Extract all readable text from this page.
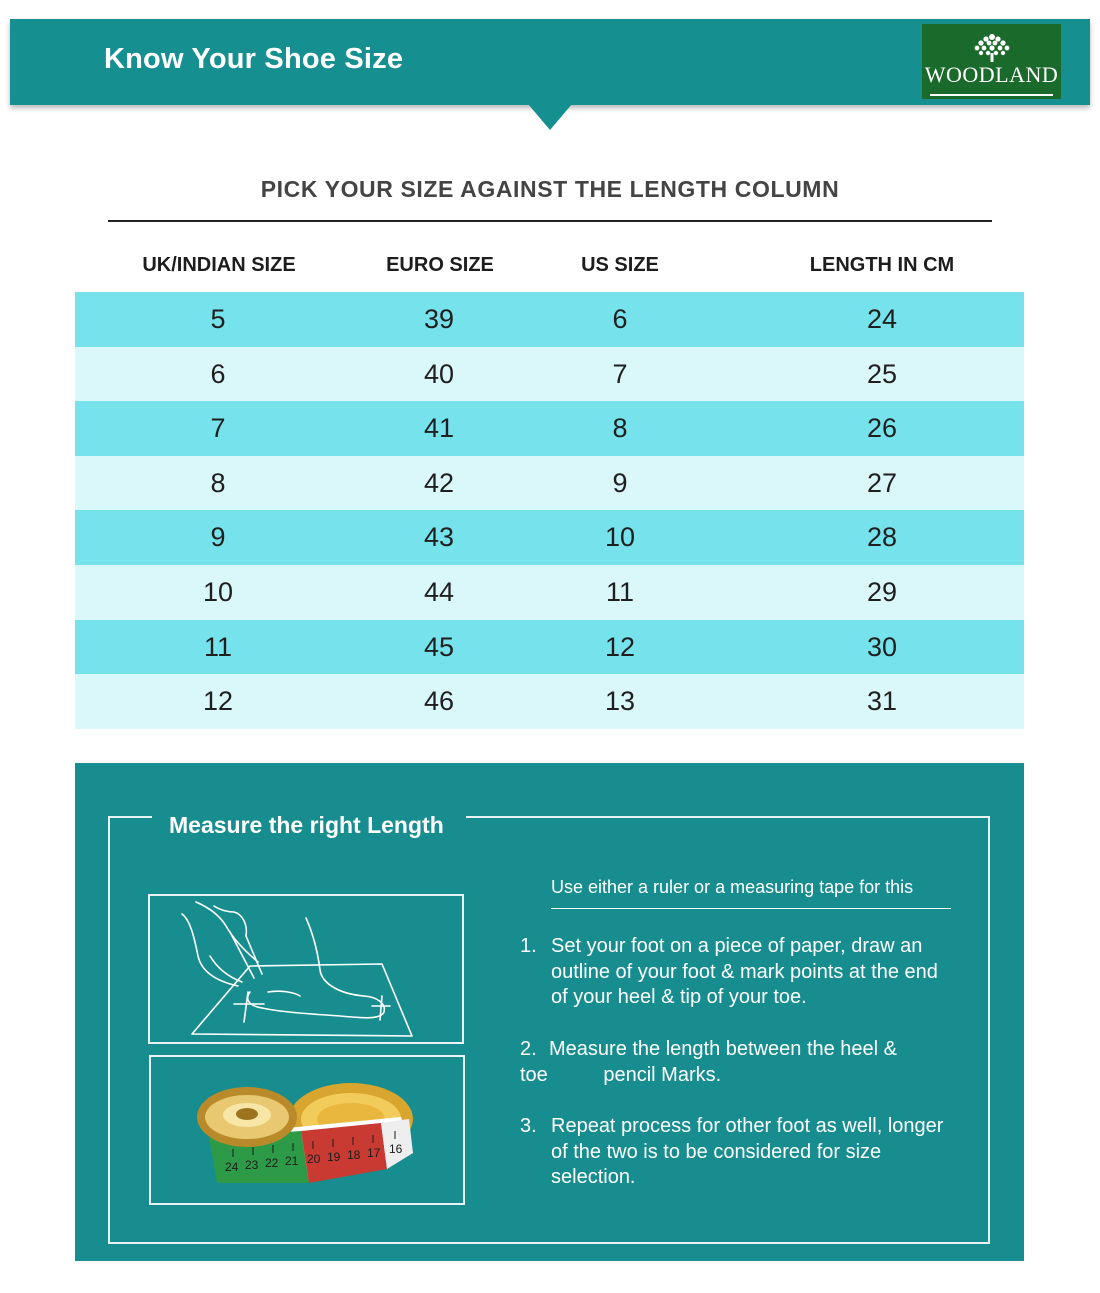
Know Your Shoe Size	WOODLAND
PICK YOUR SIZE AGAINST THE LENGTH COLUMN
UK/INDIAN SIZE	EURO SIZE	US SIZE	LENGTH IN CM
5	39	6	24
6	40	7	25
7	41	8	26
8	42	9	27
9	43	10	28
10	44	11	29
11	45	12	30
12	46	13	31
Measure the right Length
24 23 22 21 20 19 18 17 16
Use either a ruler or a measuring tape for this
1. Set your foot on a piece of paper, draw an outline of your foot & mark points at the end of your heel & tip of your toe.
2. Measure the length between the heel &
toe          pencil Marks.
3. Repeat process for other foot as well, longer of the two is to be considered for size selection.
